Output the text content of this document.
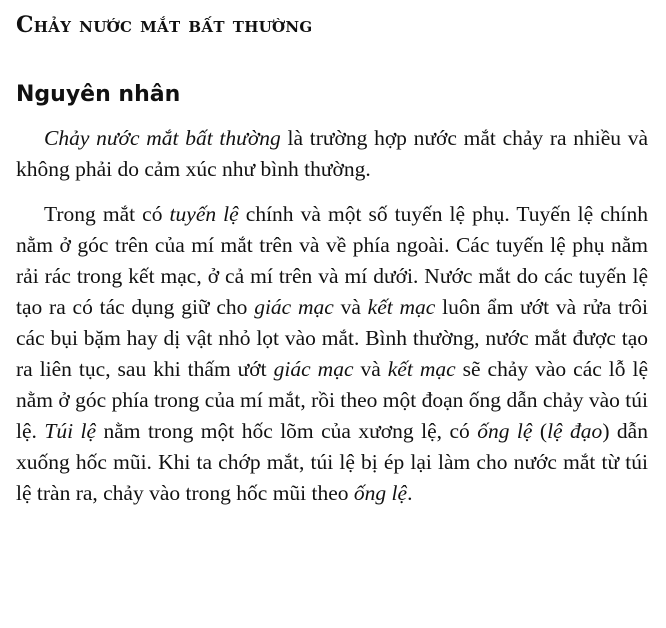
Chảy nước mắt bất thường
Nguyên nhân

Chảy nước mắt bất thường là trường hợp nước mắt chảy ra nhiều và không phải do cảm xúc như bình thường.

Trong mắt có tuyến lệ chính và một số tuyến lệ phụ. Tuyến lệ chính nằm ở góc trên của mí mắt trên và về phía ngoài. Các tuyến lệ phụ nằm rải rác trong kết mạc, ở cả mí trên và mí dưới. Nước mắt do các tuyến lệ tạo ra có tác dụng giữ cho giác mạc và kết mạc luôn ẩm ướt và rửa trôi các bụi bặm hay dị vật nhỏ lọt vào mắt. Bình thường, nước mắt được tạo ra liên tục, sau khi thấm ướt giác mạc và kết mạc sẽ chảy vào các lỗ lệ nằm ở góc phía trong của mí mắt, rồi theo một đoạn ống dẫn chảy vào túi lệ. Túi lệ nằm trong một hốc lõm của xương lệ, có ống lệ (lệ đạo) dẫn xuống hốc mũi. Khi ta chớp mắt, túi lệ bị ép lại làm cho nước mắt từ túi lệ tràn ra, chảy vào trong hốc mũi theo ống lệ.
